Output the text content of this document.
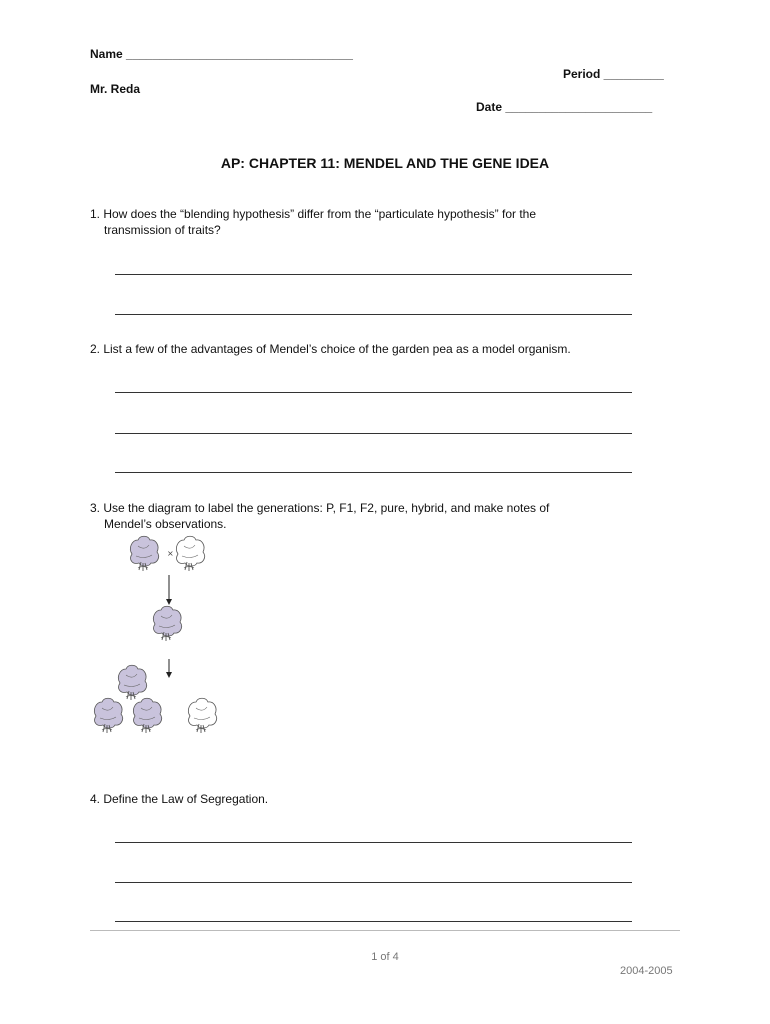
Name __________________________________
Period _________
Mr. Reda
Date ______________________
AP: CHAPTER 11: MENDEL AND THE GENE IDEA
1. How does the “blending hypothesis” differ from the “particulate hypothesis” for the
transmission of traits?
2. List a few of the advantages of Mendel’s choice of the garden pea as a model organism.
3. Use the diagram to label the generations: P, F1, F2, pure, hybrid, and make notes of
Mendel’s observations.
×
4. Define the Law of Segregation.
1 of 4
2004-2005
